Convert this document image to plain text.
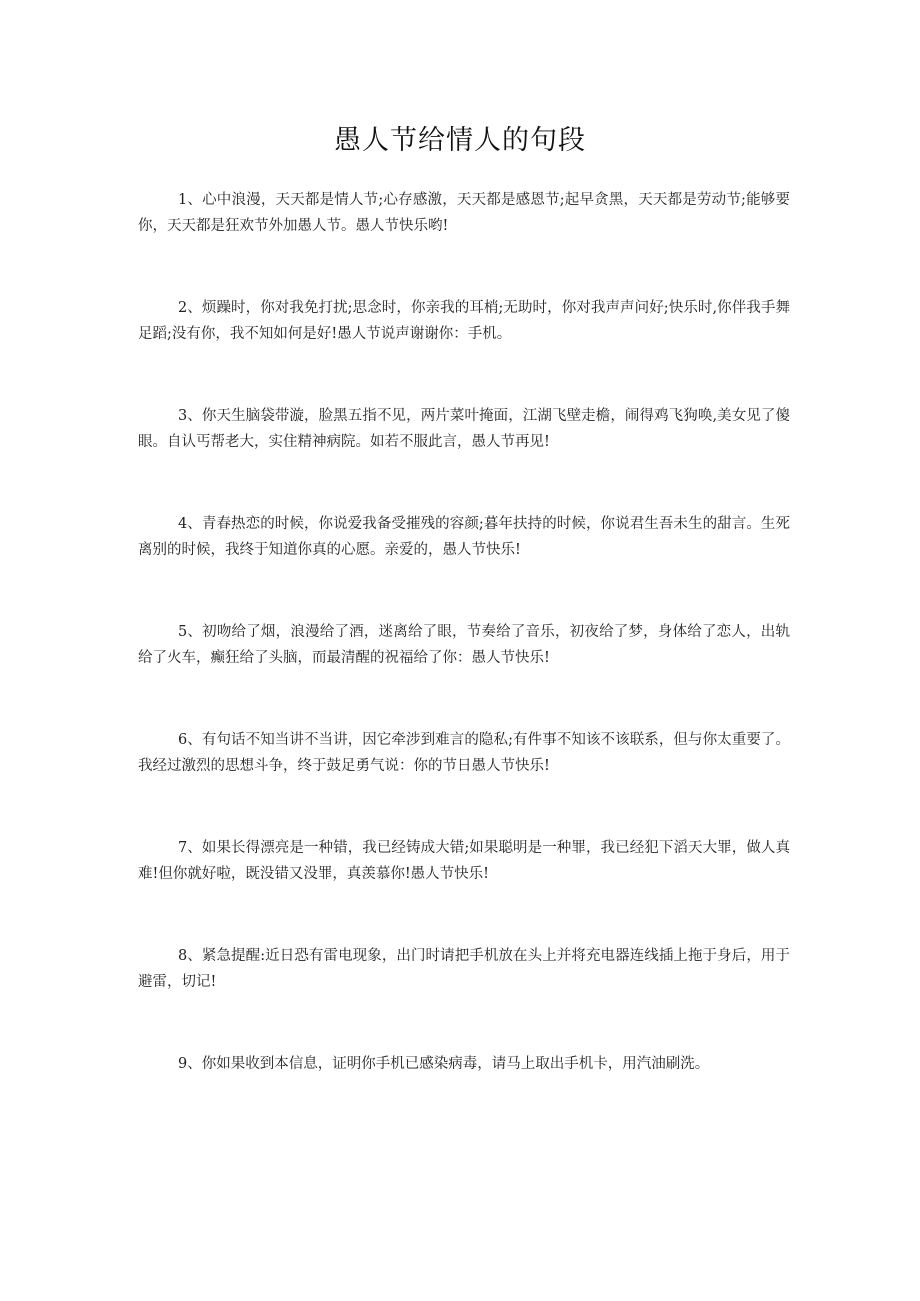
愚人节给情人的句段

1、心中浪漫，天天都是情人节;心存感激，天天都是感恩节;起早贪黑，天天都是劳动节;能够要你，天天都是狂欢节外加愚人节。愚人节快乐哟!

2、烦躁时，你对我免打扰;思念时，你亲我的耳梢;无助时，你对我声声问好;快乐时,你伴我手舞足蹈;没有你，我不知如何是好!愚人节说声谢谢你：手机。

3、你天生脑袋带漩，脸黑五指不见，两片菜叶掩面，江湖飞壁走檐，闹得鸡飞狗唤,美女见了傻眼。自认丐帮老大，实住精神病院。如若不服此言，愚人节再见!

4、青春热恋的时候，你说爱我备受摧残的容颜;暮年扶持的时候，你说君生吾未生的甜言。生死离别的时候，我终于知道你真的心愿。亲爱的，愚人节快乐!

5、初吻给了烟，浪漫给了酒，迷离给了眼，节奏给了音乐，初夜给了梦，身体给了恋人，出轨给了火车，癫狂给了头脑，而最清醒的祝福给了你：愚人节快乐!

6、有句话不知当讲不当讲，因它牵涉到难言的隐私;有件事不知该不该联系，但与你太重要了。我经过激烈的思想斗争，终于鼓足勇气说：你的节日愚人节快乐!

7、如果长得漂亮是一种错，我已经铸成大错;如果聪明是一种罪，我已经犯下滔天大罪，做人真难!但你就好啦，既没错又没罪，真羡慕你!愚人节快乐!

8、紧急提醒:近日恐有雷电现象，出门时请把手机放在头上并将充电器连线插上拖于身后，用于避雷，切记!

9、你如果收到本信息，证明你手机已感染病毒，请马上取出手机卡，用汽油刷洗。
